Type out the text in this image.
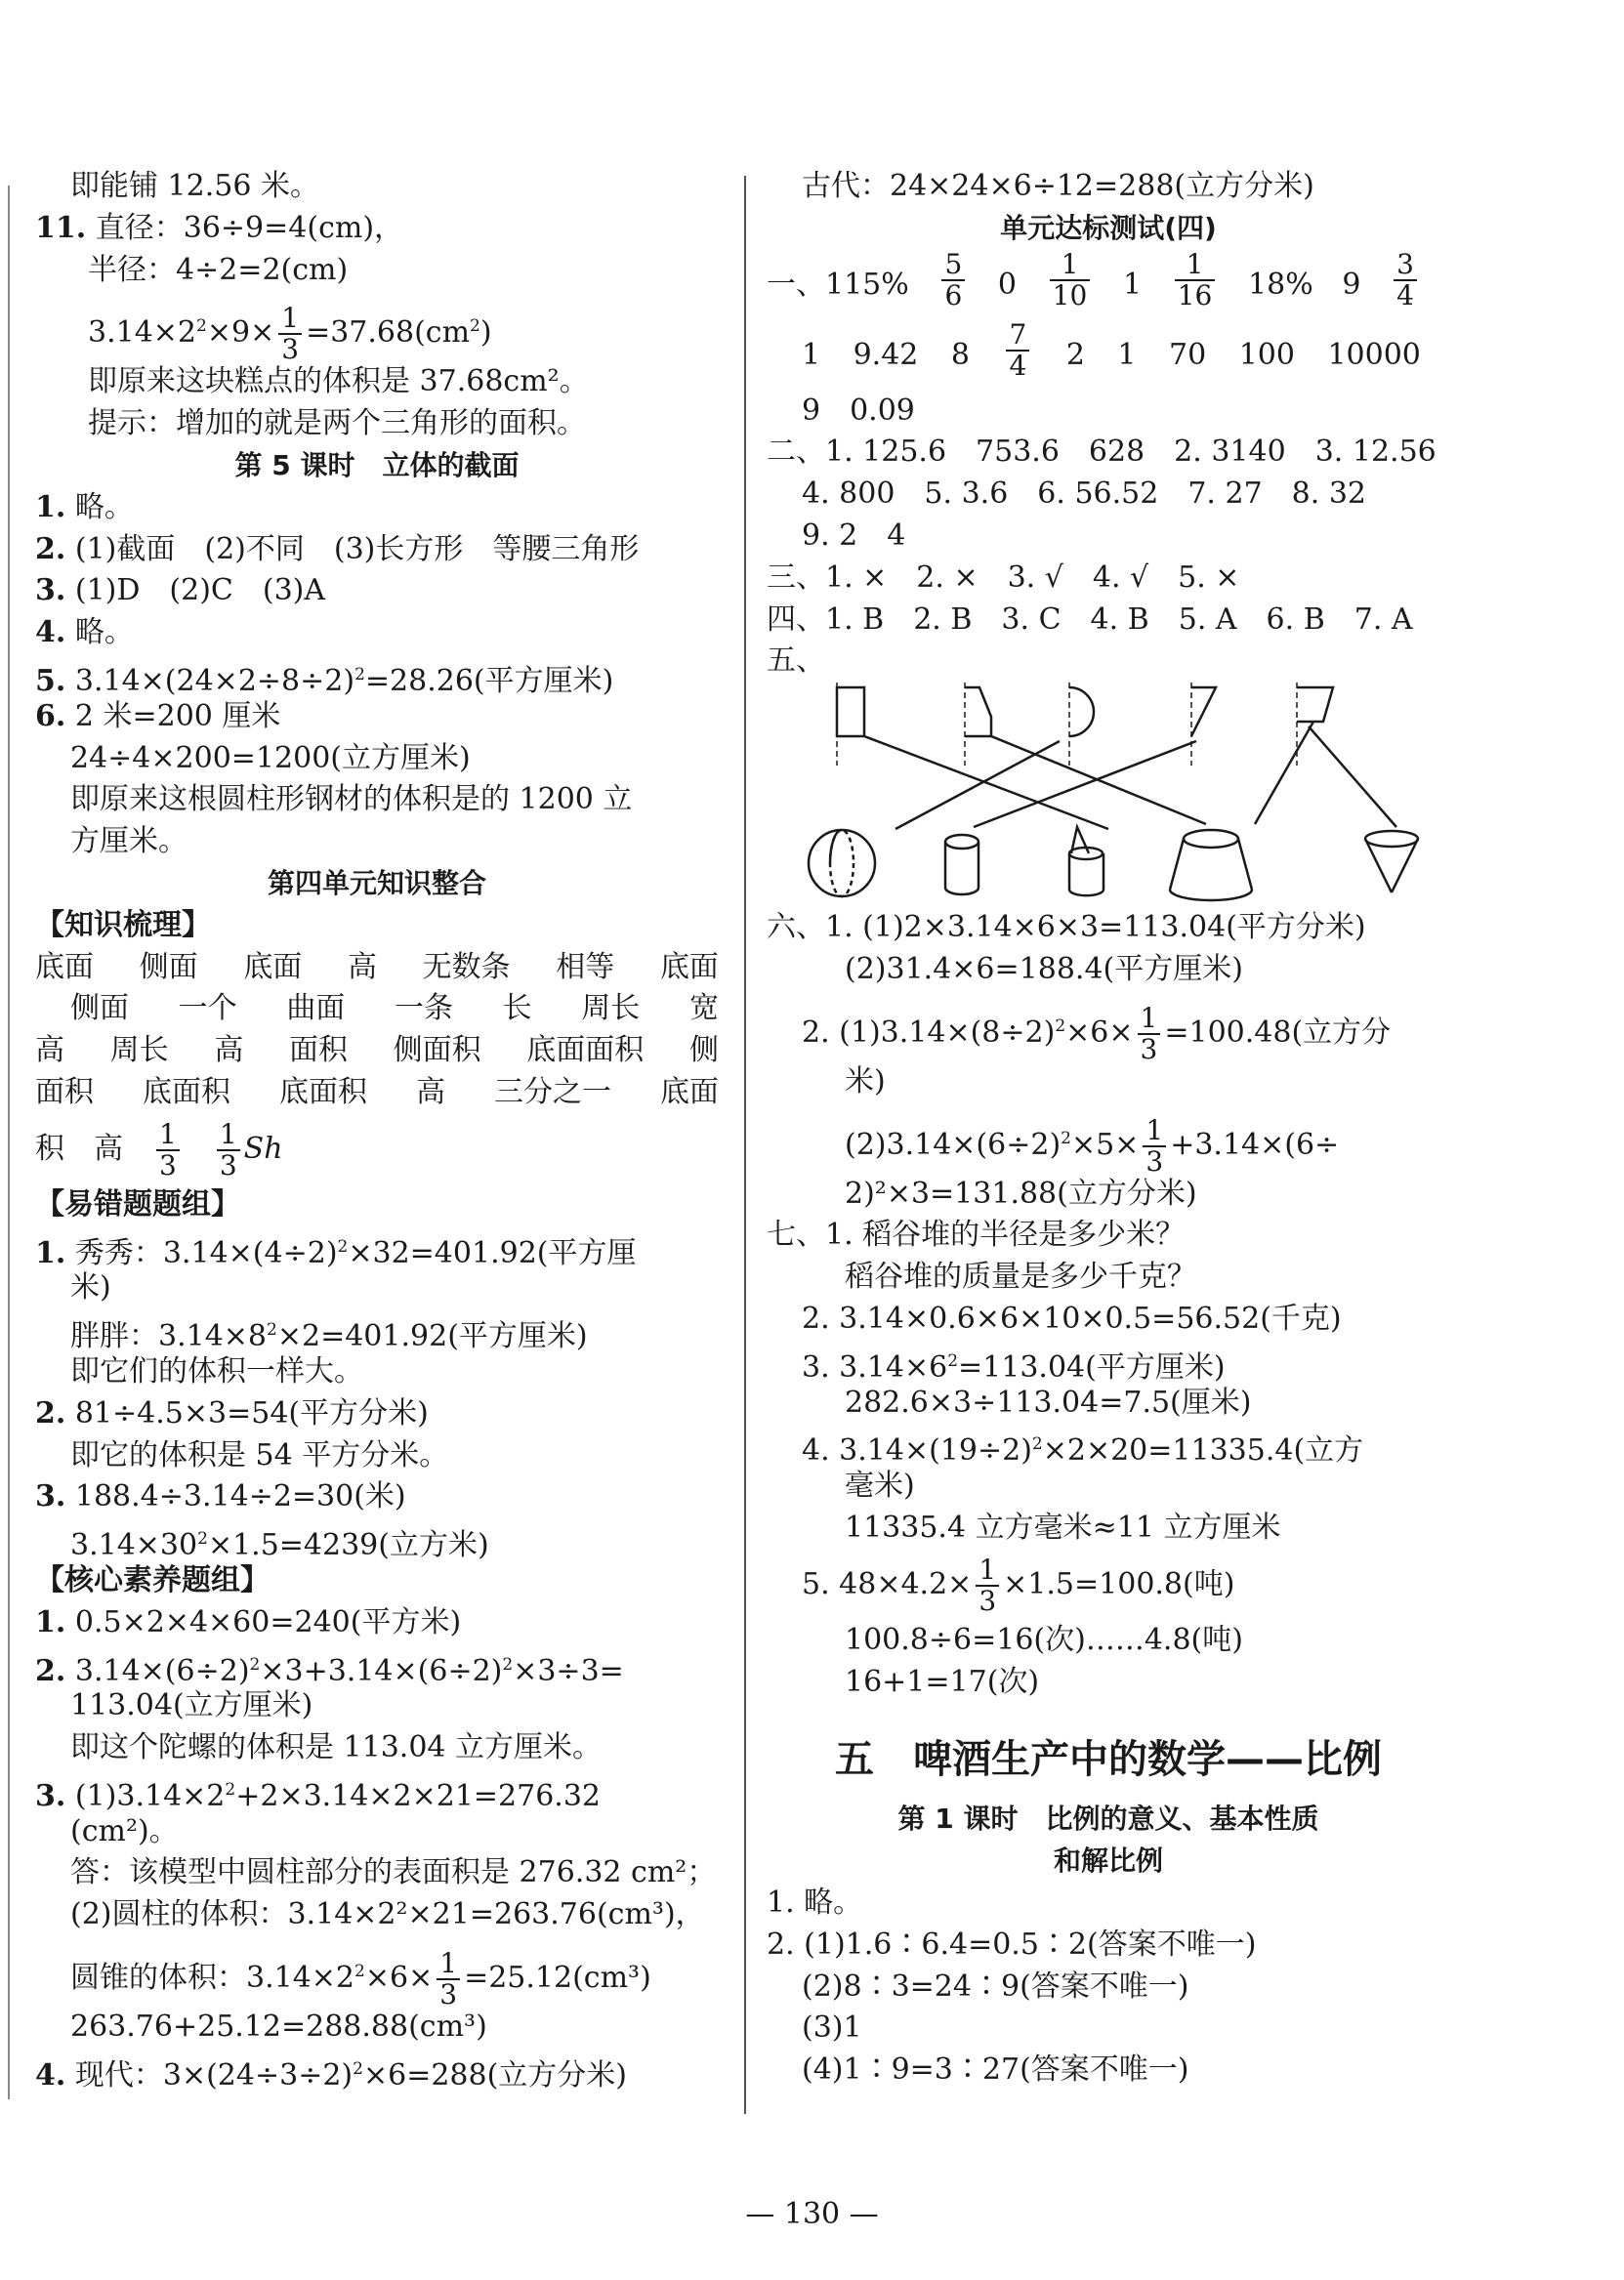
即能铺 12.56 米。
11. 直径：36÷9=4(cm)，
半径：4÷2=2(cm)
$3.14\times 2^2\times 9\times \frac{1}{3} =37.68(cm^2)$
即原来这块糕点的体积是 37.68cm²。
提示：增加的就是两个三角形的面积。
第 5 课时　立体的截面
1. 略。
2. (1)截面　(2)不同　(3)长方形　等腰三角形
3. (1)D　(2)C　(3)A
4. 略。
5. $3.14\times(24\times 2\div 8\div 2)^2=28.26$(平方厘米)
6. 2 米=200 厘米
24÷4×200=1200(立方厘米)
即原来这根圆柱形钢材的体积是的 1200 立
方厘米。
第四单元知识整合
【知识梳理】
底面 侧面 底面 高 无数条 相等 底面
侧面 一个 曲面 一条 长 周长 宽
高 周长 高 面积 侧面积 底面面积 侧
面积 底面积 底面积 高 三分之一 底面
积　高　 $\frac{1}{3}$
　 $\frac{1}{3}$ Sh
【易错题题组】
1. 秀秀：$3.14\times(4\div 2)^2\times 32=401.92$(平方厘
米)
胖胖：$3.14\times 8^2\times 2=401.92$(平方厘米)
即它们的体积一样大。
2. 81÷4.5×3=54(平方分米)
即它的体积是 54 平方分米。
3. 188.4÷3.14÷2=30(米)
$3.14\times 30^2\times 1.5=4239$(立方米)
【核心素养题组】
1. 0.5×2×4×60=240(平方米)
2. $3.14\times(6\div 2)^2\times 3+3.14\times(6\div 2)^2\times 3\div 3=$
113.04(立方厘米)
即这个陀螺的体积是 113.04 立方厘米。
3. $(1)3.14\times 2^2+2\times 3.14\times 2\times 21=276.32$
(cm²)。
答：该模型中圆柱部分的表面积是 276.32 cm²；
(2)圆柱的体积：3.14×2²×21=263.76(cm³)，
圆锥的体积：$3.14\times 2^2\times 6\times \frac{1}{3} =25.12(cm^3)$
263.76+25.12=288.88(cm³)
4. 现代：$3\times(24\div 3\div 2)^2\times 6=288$(立方分米)
古代：24×24×6÷12=288(立方分米)
单元达标测试(四)
一、$115\% \frac{5}{6} 0 \frac{1}{10} 1 \frac{1}{16} 18\%$ $9 \frac{3}{4}$
1 9.42 $8 \frac{7}{4} 2$ 1 70 100 10000
9　0.09
二、1. 125.6　753.6　628　2. 3140　3. 12.56
4. 800　5. 3.6　6. 56.52　7. 27　8. 32
9. 2　4
三、1. ×　2. ×　3. √　4. √　5. ×
四、1. B　2. B　3. C　4. B　5. A　6. B　7. A
五、
六、1. (1)2×3.14×6×3=113.04(平方分米)
(2)31.4×6=188.4(平方厘米)
2. $(1)3.14\times(8\div 2)^2\times 6\times \frac{1}{3} =100.48$(立方分
米)
$(2)3.14\times(6\div 2)^2\times 5\times \frac{1}{3} +3.14\times(6\div$
2)²×3=131.88(立方分米)
七、1. 稻谷堆的半径是多少米？
稻谷堆的质量是多少千克？
2. 3.14×0.6×6×10×0.5=56.52(千克)
3. $3.14\times 6^2=113.04$(平方厘米)
282.6×3÷113.04=7.5(厘米)
4. $3.14\times(19\div 2)^2\times 2\times 20=11335.4$(立方
毫米)
11335.4 立方毫米≈11 立方厘米
5. $48\times 4.2\times \frac{1}{3} \times 1.5=100.8$(吨)
100.8÷6=16(次)……4.8(吨)
16+1=17(次)
五　啤酒生产中的数学——比例
第 1 课时　比例的意义、基本性质
和解比例
1. 略。
2. (1)1.6∶6.4=0.5∶2(答案不唯一)
(2)8∶3=24∶9(答案不唯一)
(3)1
(4)1∶9=3∶27(答案不唯一)
— 130 —
